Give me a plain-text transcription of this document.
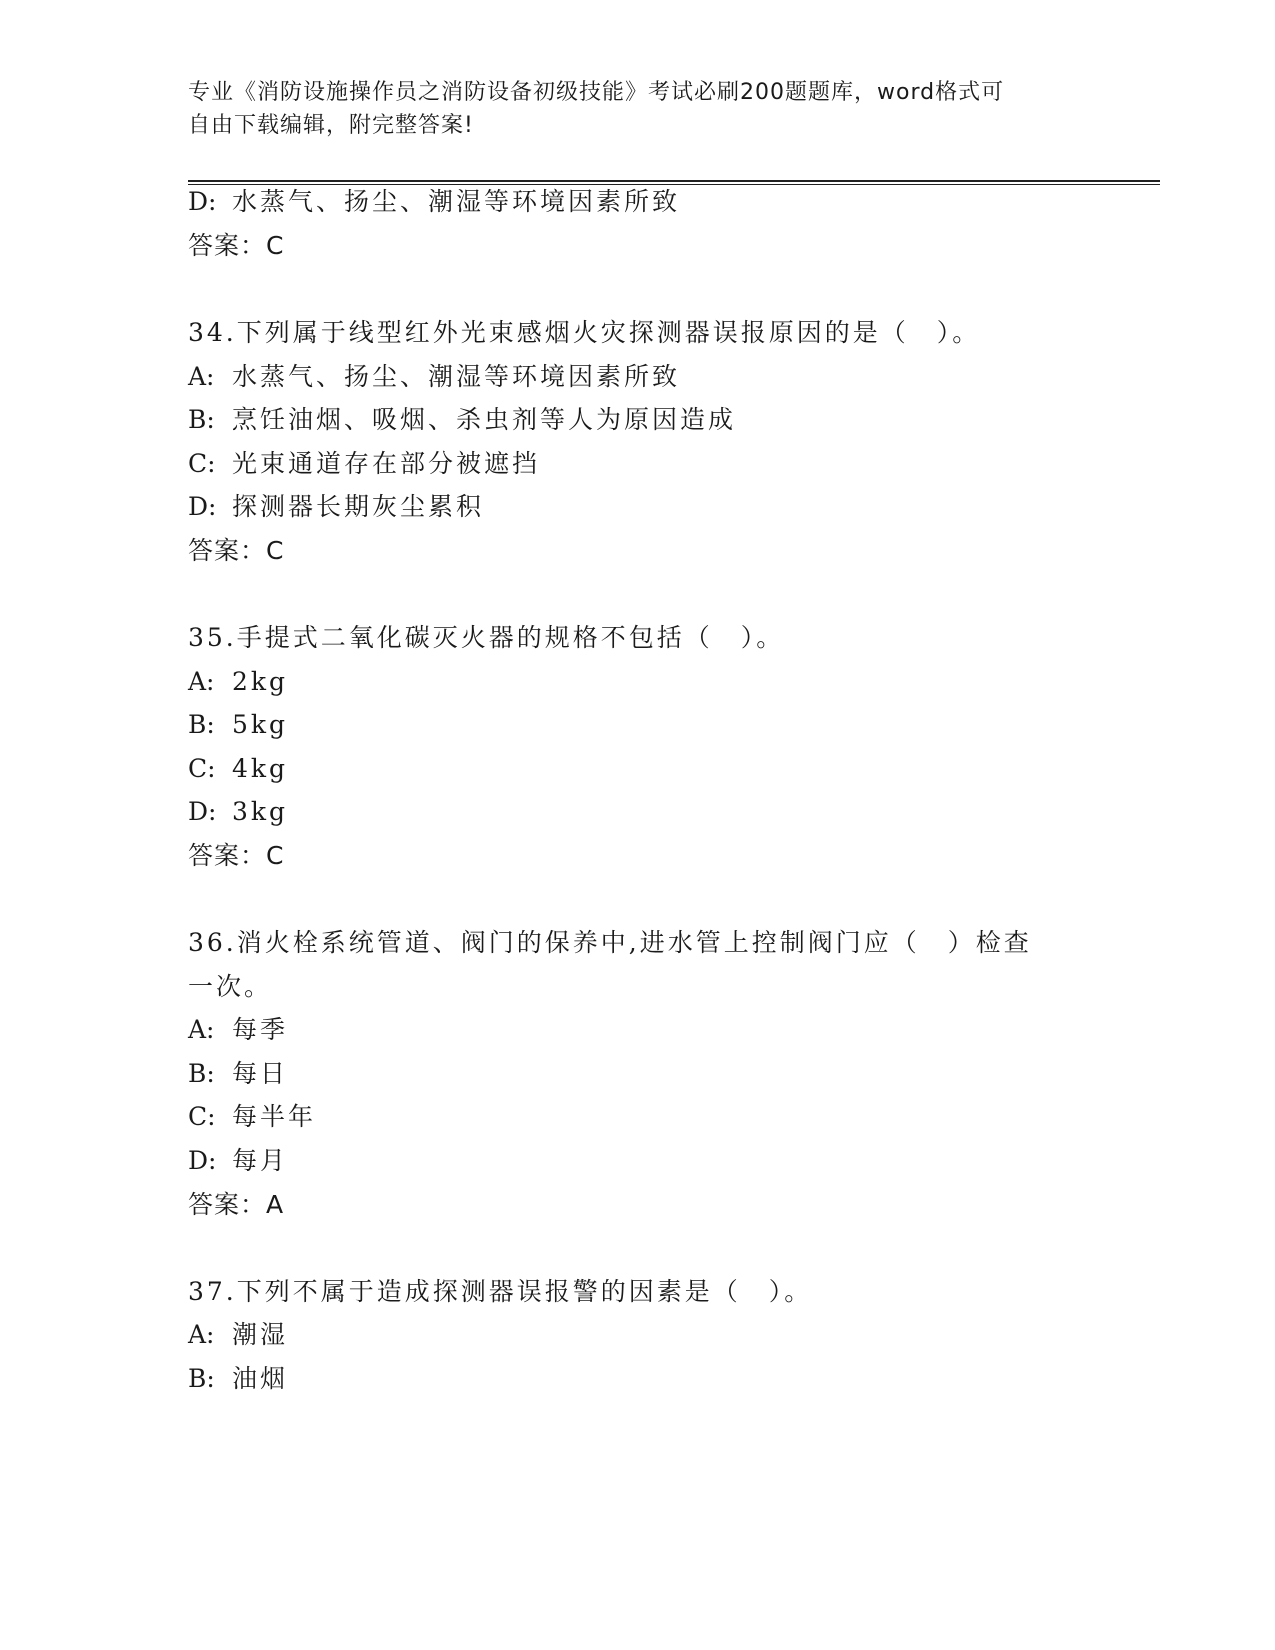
专业《消防设施操作员之消防设备初级技能》考试必刷200题题库，word格式可
自由下载编辑，附完整答案!
D: 水蒸气、扬尘、潮湿等环境因素所致
答案：C
34.下列属于线型红外光束感烟火灾探测器误报原因的是（　）。
A: 水蒸气、扬尘、潮湿等环境因素所致
B: 烹饪油烟、吸烟、杀虫剂等人为原因造成
C: 光束通道存在部分被遮挡
D: 探测器长期灰尘累积
答案：C
35.手提式二氧化碳灭火器的规格不包括（　）。
A: 2kg
B: 5kg
C: 4kg
D: 3kg
答案：C
36.消火栓系统管道、阀门的保养中,进水管上控制阀门应（　）检查
一次。
A: 每季
B: 每日
C: 每半年
D: 每月
答案：A
37.下列不属于造成探测器误报警的因素是（　）。
A: 潮湿
B: 油烟
